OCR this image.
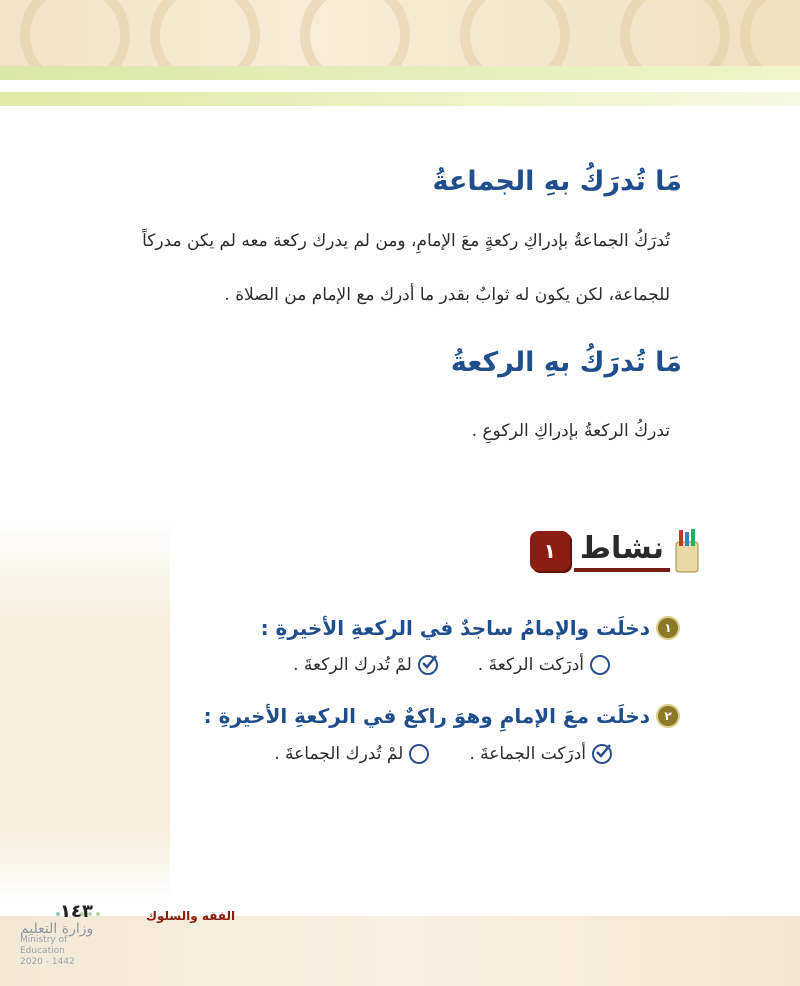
مَا تُدرَكُ بهِ الجماعةُ

تُدرَكُ الجماعةُ بإدراكِ ركعةٍ معَ الإمامِ، ومن لم يدرك ركعة معه لم يكن مدركاً

للجماعة، لكن يكون له ثوابٌ بقدر ما أدرك مع الإمام من الصلاة .

مَا تُدرَكُ بهِ الركعةُ

تدركُ الركعةُ بإدراكِ الركوعِ .

نشاط
١
١
دخلَت والإمامُ ساجدٌ في الركعةِ الأخيرةِ :
أدرَكت الركعةَ .
لمْ تُدرك الركعةَ .
٢
دخلَت معَ الإمامِ وهوَ راكعٌ في الركعةِ الأخيرةِ :
أدرَكت الجماعةَ .
لمْ تُدرك الجماعةَ .
١٤٣	الفقه والسلوك
وزارة التعليم
Ministry of Education
2020 - 1442
